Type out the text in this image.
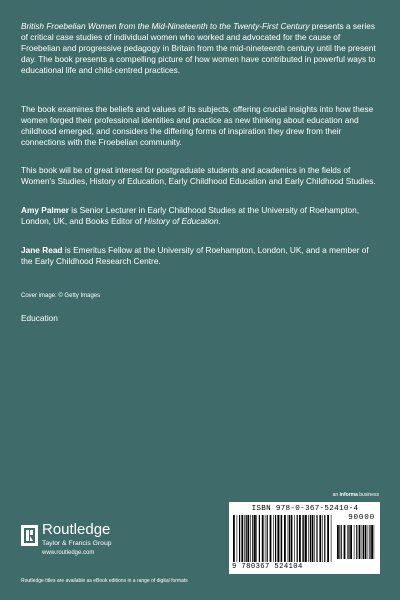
British Froebelian Women from the Mid-Nineteenth to the Twenty-First Century presents a series of critical case studies of individual women who worked and advocated for the cause of Froebelian and progressive pedagogy in Britain from the mid-nineteenth century until the present day. The book presents a compelling picture of how women have contributed in powerful ways to educational life and child-centred practices.

The book examines the beliefs and values of its subjects, offering crucial insights into how these women forged their professional identities and practice as new thinking about education and childhood emerged, and considers the differing forms of inspiration they drew from their connections with the Froebelian community.

This book will be of great interest for postgraduate students and academics in the fields of Women's Studies, History of Education, Early Childhood Education and Early Childhood Studies.

Amy Palmer is Senior Lecturer in Early Childhood Studies at the University of Roehampton, London, UK, and Books Editor of History of Education.

Jane Read is Emeritus Fellow at the University of Roehampton, London, UK, and a member of the Early Childhood Research Centre.

Cover image: © Getty Images

Education

an informa business

ISBN 978-0-367-52410-4
90000
9 780367 524104

Routledge

Taylor & Francis Group

www.routledge.com

Routledge titles are available as eBook editions in a range of digital formats
